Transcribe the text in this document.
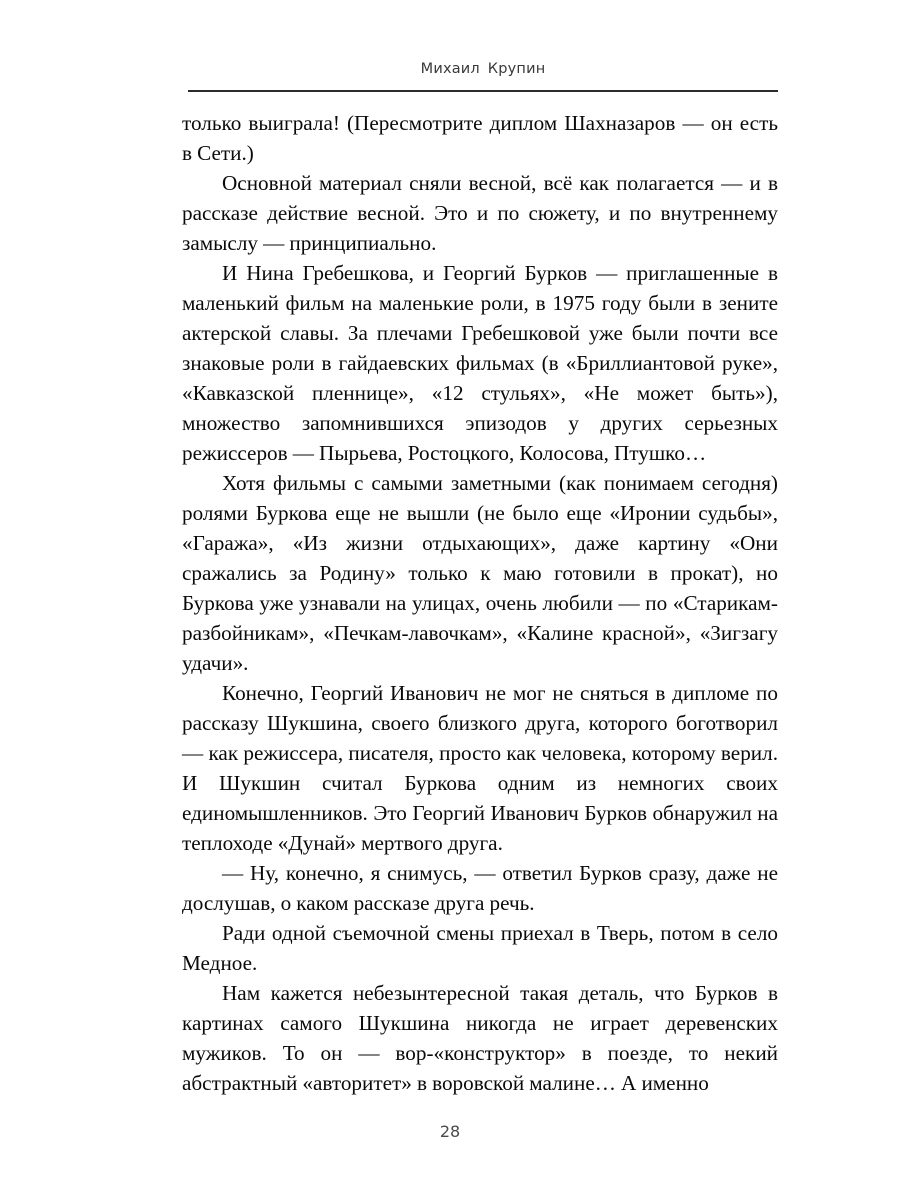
Михаил Крупин

только выиграла! (Пересмотрите диплом Шахназаров — он есть в Сети.)

Основной материал сняли весной, всё как полагается — и в рассказе действие весной. Это и по сюжету, и по внутреннему замыслу — принципиально.

И Нина Гребешкова, и Георгий Бурков — приглашенные в маленький фильм на маленькие роли, в 1975 году были в зените актерской славы. За плечами Гребешковой уже были почти все знаковые роли в гайдаевских фильмах (в «Бриллиантовой руке», «Кавказской пленнице», «12 стульях», «Не может быть»), множество запомнившихся эпизодов у других серьезных режиссеров — Пырьева, Ростоцкого, Колосова, Птушко…

Хотя фильмы с самыми заметными (как понимаем сегодня) ролями Буркова еще не вышли (не было еще «Иронии судьбы», «Гаража», «Из жизни отдыхающих», даже картину «Они сражались за Родину» только к маю готовили в прокат), но Буркова уже узнавали на улицах, очень любили — по «Старикам-разбойникам», «Печкам-лавочкам», «Калине красной», «Зигзагу удачи».

Конечно, Георгий Иванович не мог не сняться в дипломе по рассказу Шукшина, своего близкого друга, которого боготворил — как режиссера, писателя, просто как человека, которому верил. И Шукшин считал Буркова одним из немногих своих единомышленников. Это Георгий Иванович Бурков обнаружил на теплоходе «Дунай» мертвого друга.

— Ну, конечно, я снимусь, — ответил Бурков сразу, даже не дослушав, о каком рассказе друга речь.

Ради одной съемочной смены приехал в Тверь, потом в село Медное.

Нам кажется небезынтересной такая деталь, что Бурков в картинах самого Шукшина никогда не играет деревенских мужиков. То он — вор-«конструктор» в поезде, то некий абстрактный «авторитет» в воровской малине… А именно

28
